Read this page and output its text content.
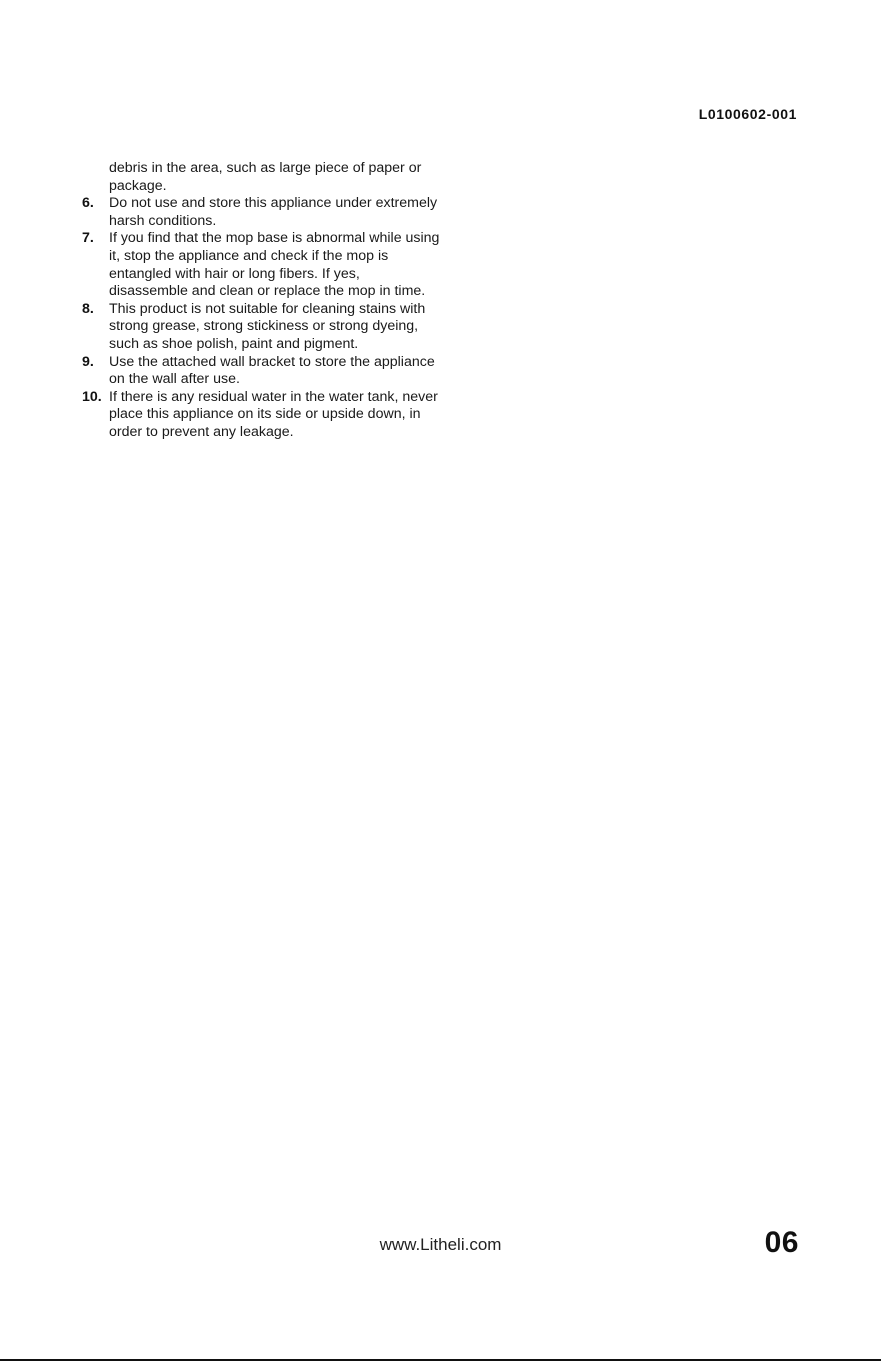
L0100602-001

debris in the area, such as large piece of paper or package.

6.	Do not use and store this appliance under extremely harsh conditions.
7.	If you find that the mop base is abnormal while using it, stop the appliance and check if the mop is entangled with hair or long fibers. If yes, disassemble and clean or replace the mop in time.
8.	This product is not suitable for cleaning stains with strong grease, strong stickiness or strong dyeing, such as shoe polish, paint and pigment.
9.	Use the attached wall bracket to store the appliance on the wall after use.
10. If there is any residual water in the water tank, never place this appliance on its side or upside down, in order to prevent any leakage.
www.Litheli.com	06
